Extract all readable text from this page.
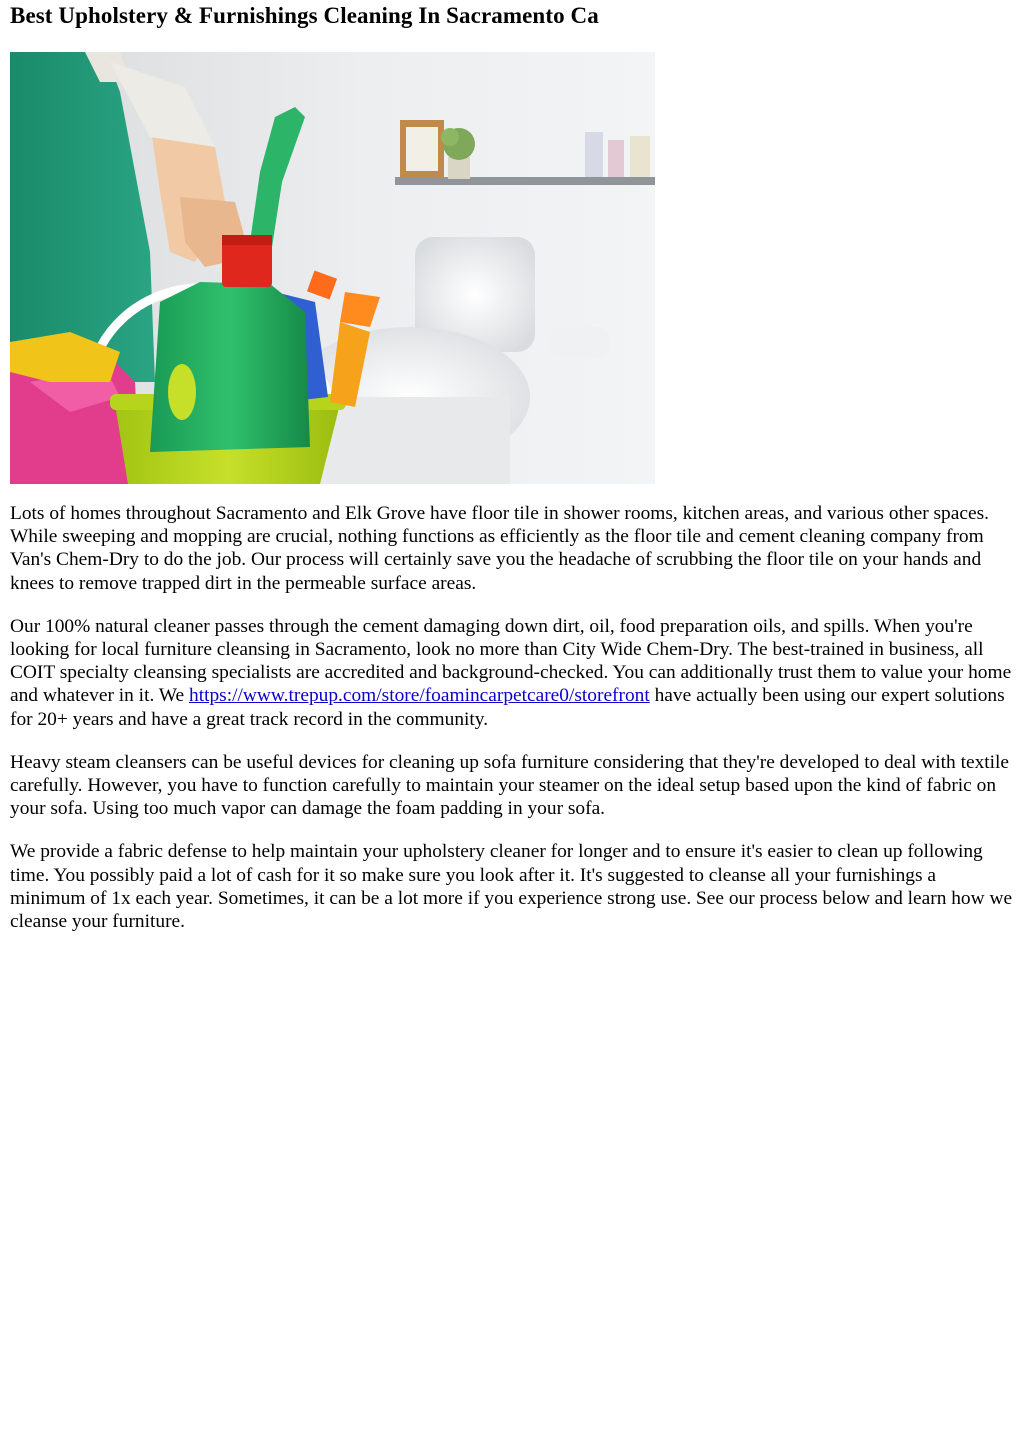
Best Upholstery & Furnishings Cleaning In Sacramento Ca

Lots of homes throughout Sacramento and Elk Grove have floor tile in shower rooms, kitchen areas, and various other spaces. While sweeping and mopping are crucial, nothing functions as efficiently as the floor tile and cement cleaning company from Van's Chem-Dry to do the job. Our process will certainly save you the headache of scrubbing the floor tile on your hands and knees to remove trapped dirt in the permeable surface areas.

Our 100% natural cleaner passes through the cement damaging down dirt, oil, food preparation oils, and spills. When you're looking for local furniture cleansing in Sacramento, look no more than City Wide Chem-Dry. The best-trained in business, all COIT specialty cleansing specialists are accredited and background-checked. You can additionally trust them to value your home and whatever in it. We https://www.trepup.com/store/foamincarpetcare0/storefront have actually been using our expert solutions for 20+ years and have a great track record in the community.

Heavy steam cleansers can be useful devices for cleaning up sofa furniture considering that they're developed to deal with textile carefully. However, you have to function carefully to maintain your steamer on the ideal setup based upon the kind of fabric on your sofa. Using too much vapor can damage the foam padding in your sofa.

We provide a fabric defense to help maintain your upholstery cleaner for longer and to ensure it's easier to clean up following time. You possibly paid a lot of cash for it so make sure you look after it. It's suggested to cleanse all your furnishings a minimum of 1x each year. Sometimes, it can be a lot more if you experience strong use. See our process below and learn how we cleanse your furniture.
